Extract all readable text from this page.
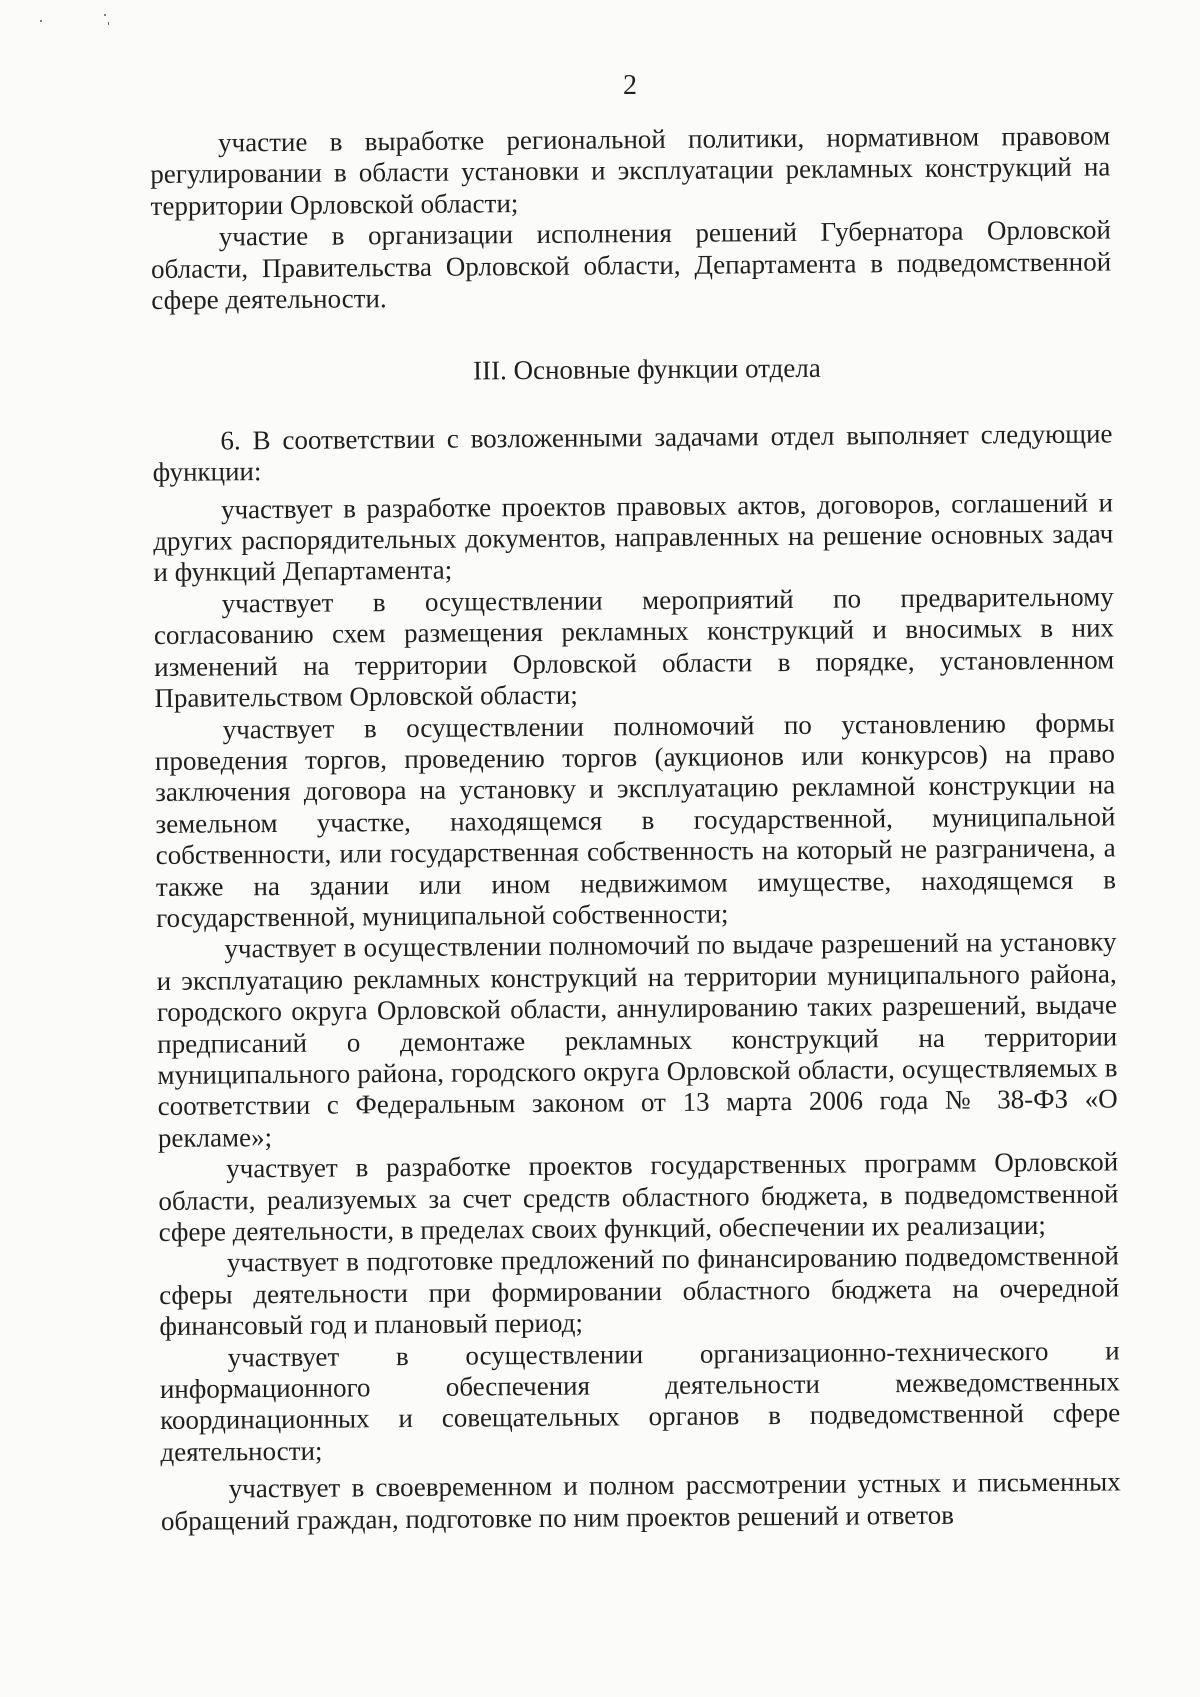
2

участие в выработке региональной политики, нормативном правовом регулировании в области установки и эксплуатации рекламных конструкций на территории Орловской области;

участие в организации исполнения решений Губернатора Орловской области, Правительства Орловской области, Департамента в подведомственной сфере деятельности.

III. Основные функции отдела

6. В соответствии с возложенными задачами отдел выполняет следующие функции:

участвует в разработке проектов правовых актов, договоров, соглашений и других распорядительных документов, направленных на решение основных задач и функций Департамента;

участвует в осуществлении мероприятий по предварительному согласованию схем размещения рекламных конструкций и вносимых в них изменений на территории Орловской области в порядке, установленном Правительством Орловской области;

участвует в осуществлении полномочий по установлению формы проведения торгов, проведению торгов (аукционов или конкурсов) на право заключения договора на установку и эксплуатацию рекламной конструкции на земельном участке, находящемся в государственной, муниципальной собственности, или государственная собственность на который не разграничена, а также на здании или ином недвижимом имуществе, находящемся в государственной, муниципальной собственности;

участвует в осуществлении полномочий по выдаче разрешений на установку и эксплуатацию рекламных конструкций на территории муниципального района, городского округа Орловской области, аннулированию таких разрешений, выдаче предписаний о демонтаже рекламных конструкций на территории муниципального района, городского округа Орловской области, осуществляемых в соответствии с Федеральным законом от 13 марта 2006 года № 38-ФЗ «О рекламе»;

участвует в разработке проектов государственных программ Орловской области, реализуемых за счет средств областного бюджета, в подведомственной сфере деятельности, в пределах своих функций, обеспечении их реализации;

участвует в подготовке предложений по финансированию подведомственной сферы деятельности при формировании областного бюджета на очередной финансовый год и плановый период;

участвует в осуществлении организационно-технического и информационного обеспечения деятельности межведомственных координационных и совещательных органов в подведомственной сфере деятельности;

участвует в своевременном и полном рассмотрении устных и письменных обращений граждан, подготовке по ним проектов решений и ответов
